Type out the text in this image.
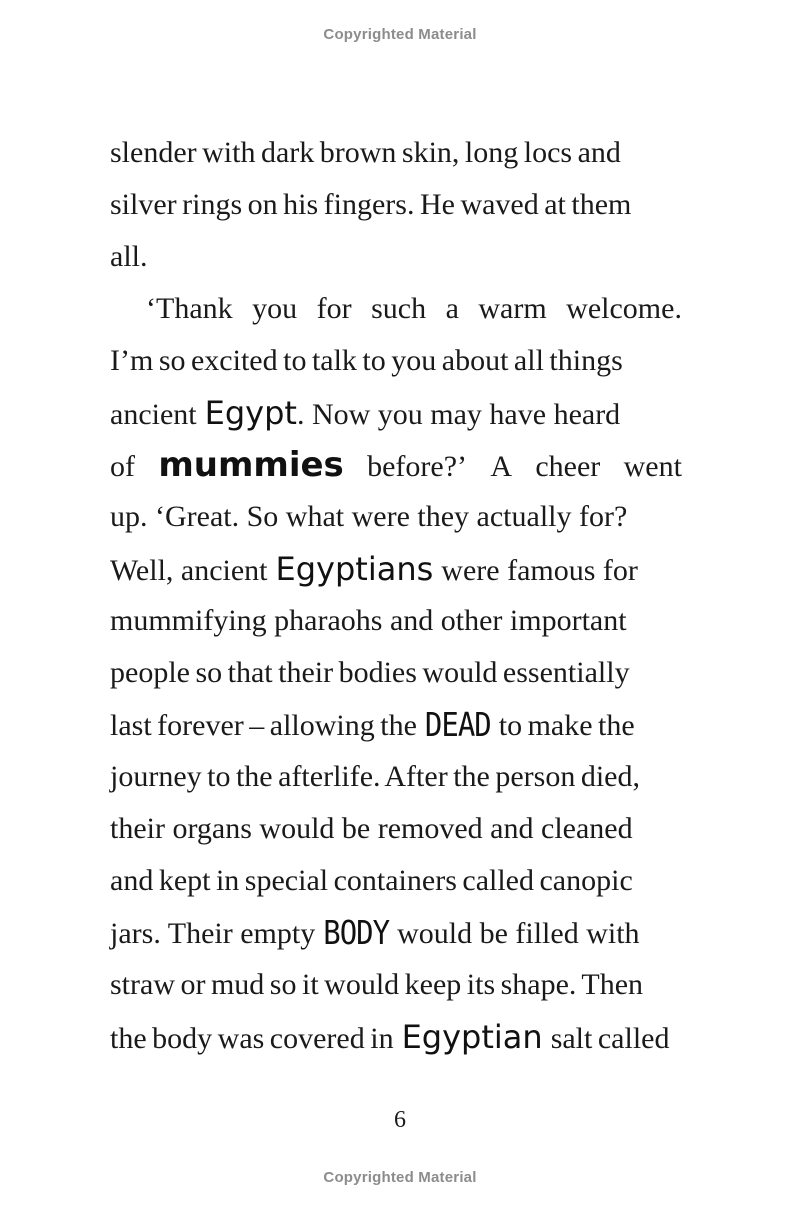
Copyrighted Material
slender with dark brown skin, long locs and
silver rings on his fingers. He waved at them
all.
‘Thank you for such a warm welcome.
I’m so excited to talk to you about all things
ancient Egypt . Now you may have heard
of mummies before?’ A cheer went
up. ‘Great. So what were they actually for?
Well, ancient Egyptians were famous for
mummifying pharaohs and other important
people so that their bodies would essentially
last forever – allowing the DEAD to make the
journey to the afterlife. After the person died,
their organs would be removed and cleaned
and kept in special containers called canopic
jars. Their empty BODY would be filled with
straw or mud so it would keep its shape. Then
the body was covered in Egyptian salt called
6
Copyrighted Material
